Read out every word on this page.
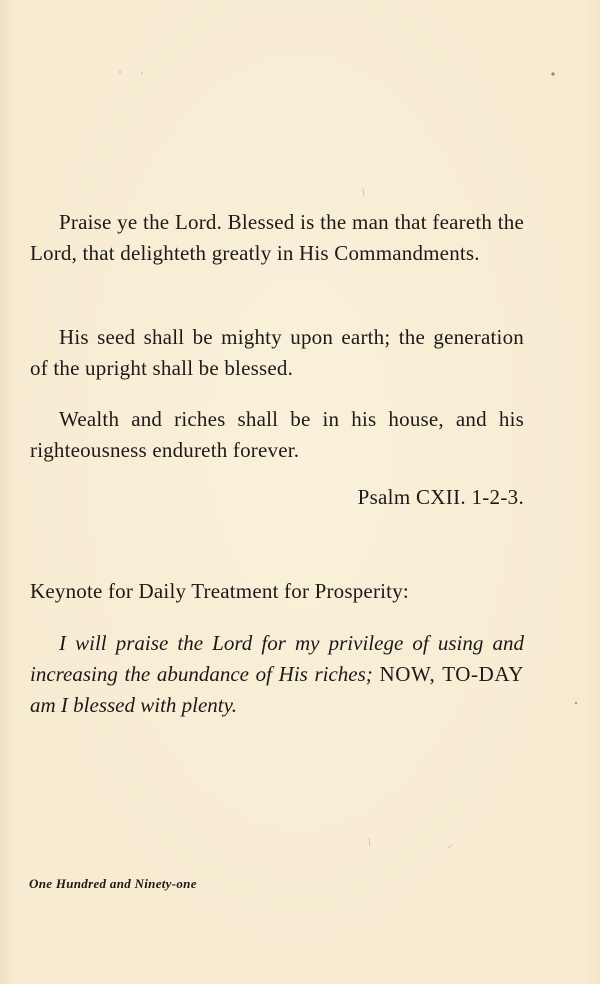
Praise ye the Lord. Blessed is the man that feareth the Lord, that delighteth greatly in His Commandments.

His seed shall be mighty upon earth; the generation of the upright shall be blessed.

Wealth and riches shall be in his house, and his righteousness endureth forever.

Psalm CXII. 1-2-3.

Keynote for Daily Treatment for Prosperity:

I will praise the Lord for my privilege of using and increasing the abundance of His riches; NOW, TO-DAY am I blessed with plenty.

One Hundred and Ninety-one
